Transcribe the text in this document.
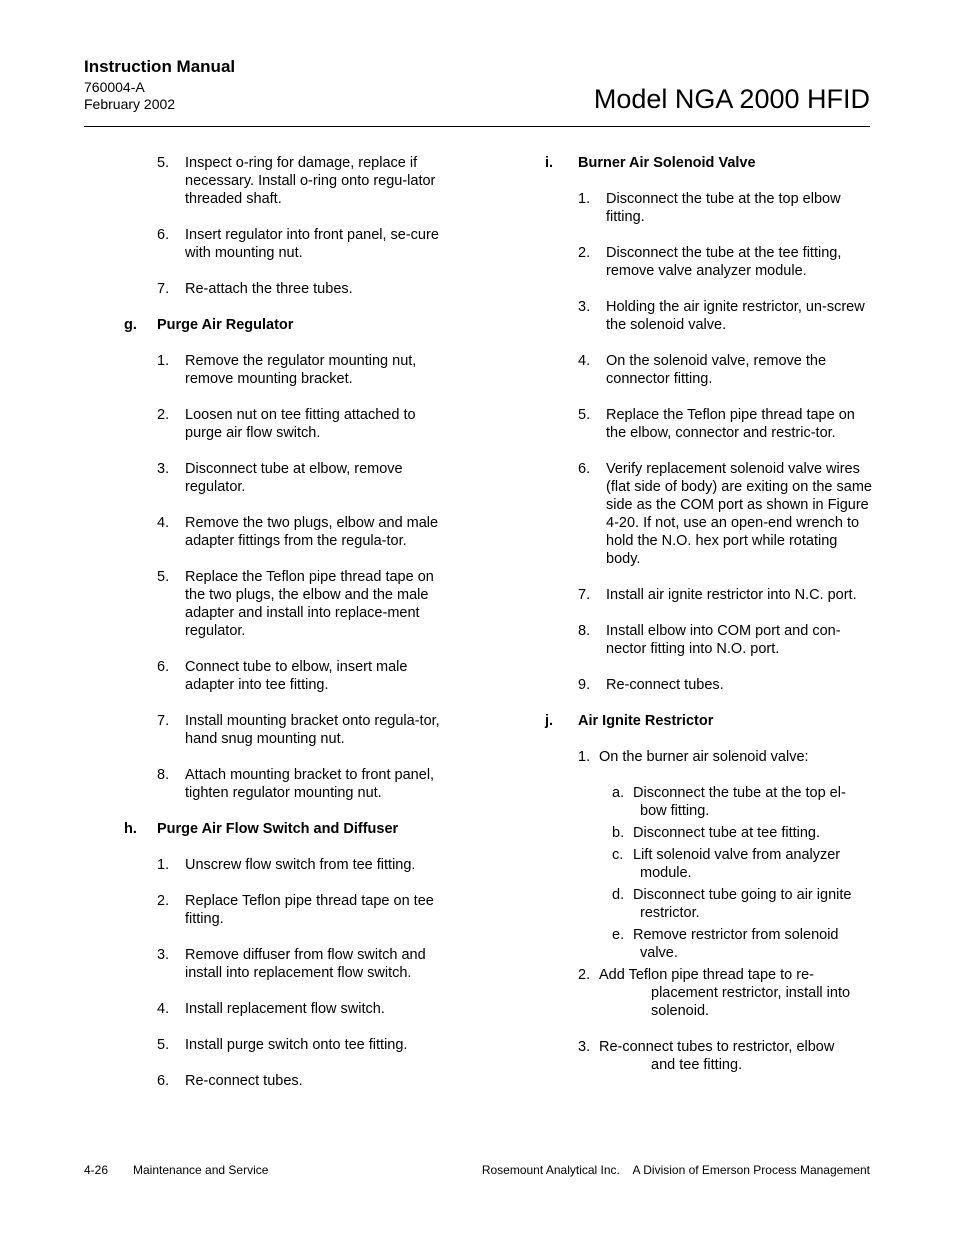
Instruction Manual
760004-A
February 2002	Model NGA 2000 HFID
5. Inspect o-ring for damage, replace if necessary. Install o-ring onto regu-lator threaded shaft.
6. Insert regulator into front panel, se-cure with mounting nut.
7. Re-attach the three tubes.
g. Purge Air Regulator
1. Remove the regulator mounting nut, remove mounting bracket.
2. Loosen nut on tee fitting attached to purge air flow switch.
3. Disconnect tube at elbow, remove regulator.
4. Remove the two plugs, elbow and male adapter fittings from the regula-tor.
5. Replace the Teflon pipe thread tape on the two plugs, the elbow and the male adapter and install into replace-ment regulator.
6. Connect tube to elbow, insert male adapter into tee fitting.
7. Install mounting bracket onto regula-tor, hand snug mounting nut.
8. Attach mounting bracket to front panel, tighten regulator mounting nut.
h. Purge Air Flow Switch and Diffuser
1. Unscrew flow switch from tee fitting.
2. Replace Teflon pipe thread tape on tee fitting.
3. Remove diffuser from flow switch and install into replacement flow switch.
4. Install replacement flow switch.
5. Install purge switch onto tee fitting.
6. Re-connect tubes.
i. Burner Air Solenoid Valve
1. Disconnect the tube at the top elbow fitting.
2. Disconnect the tube at the tee fitting, remove valve analyzer module.
3. Holding the air ignite restrictor, un-screw the solenoid valve.
4. On the solenoid valve, remove the connector fitting.
5. Replace the Teflon pipe thread tape on the elbow, connector and restric-tor.
6. Verify replacement solenoid valve wires (flat side of body) are exiting on the same side as the COM port as shown in Figure 4-20. If not, use an open-end wrench to hold the N.O. hex port while rotating body.
7. Install air ignite restrictor into N.C. port.
8. Install elbow into COM port and con-nector fitting into N.O. port.
9. Re-connect tubes.
j. Air Ignite Restrictor
1. On the burner air solenoid valve:
a. Disconnect the tube at the top el-
bow fitting.
b. Disconnect tube at tee fitting.
c. Lift solenoid valve from analyzer
module.
d. Disconnect tube going to air ignite
restrictor.
e. Remove restrictor from solenoid
valve.
2. Add Teflon pipe thread tape to re-
placement restrictor, install into solenoid.
3. Re-connect tubes to restrictor, elbow
and tee fitting.
4-26 Maintenance and Service	Rosemount Analytical Inc.    A Division of Emerson Process Management
